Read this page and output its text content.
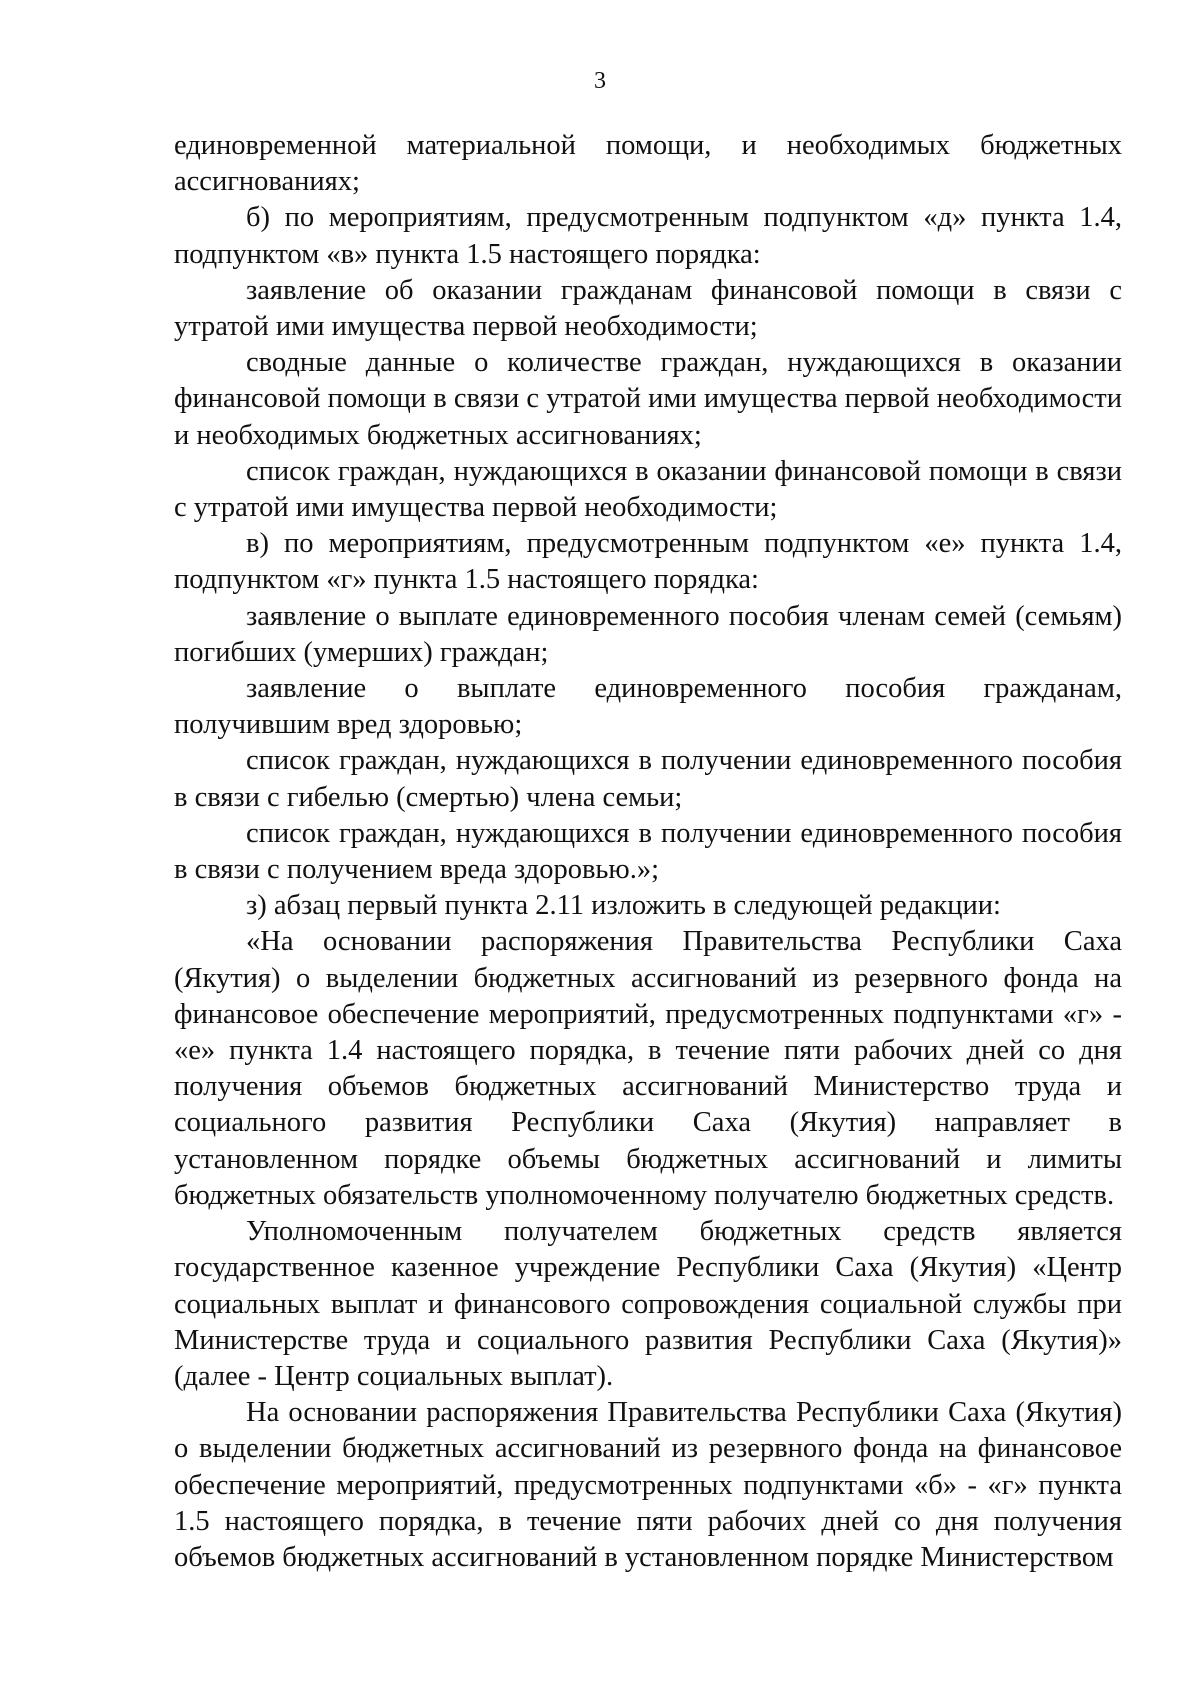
3

единовременной материальной помощи, и необходимых бюджетных ассигнованиях;

б) по мероприятиям, предусмотренным подпунктом «д» пункта 1.4, подпунктом «в» пункта 1.5 настоящего порядка:

заявление об оказании гражданам финансовой помощи в связи с утратой ими имущества первой необходимости;

сводные данные о количестве граждан, нуждающихся в оказании финансовой помощи в связи с утратой ими имущества первой необходимости и необходимых бюджетных ассигнованиях;

список граждан, нуждающихся в оказании финансовой помощи в связи с утратой ими имущества первой необходимости;

в) по мероприятиям, предусмотренным подпунктом «е» пункта 1.4, подпунктом «г» пункта 1.5 настоящего порядка:

заявление о выплате единовременного пособия членам семей (семьям) погибших (умерших) граждан;

заявление о выплате единовременного пособия гражданам, получившим вред здоровью;

список граждан, нуждающихся в получении единовременного пособия в связи с гибелью (смертью) члена семьи;

список граждан, нуждающихся в получении единовременного пособия в связи с получением вреда здоровью.»;

з) абзац первый пункта 2.11 изложить в следующей редакции:

«На основании распоряжения Правительства Республики Саха (Якутия) о выделении бюджетных ассигнований из резервного фонда на финансовое обеспечение мероприятий, предусмотренных подпунктами «г» - «е» пункта 1.4 настоящего порядка, в течение пяти рабочих дней со дня получения объемов бюджетных ассигнований Министерство труда и социального развития Республики Саха (Якутия) направляет в установленном порядке объемы бюджетных ассигнований и лимиты бюджетных обязательств уполномоченному получателю бюджетных средств.

Уполномоченным получателем бюджетных средств является государственное казенное учреждение Республики Саха (Якутия) «Центр социальных выплат и финансового сопровождения социальной службы при Министерстве труда и социального развития Республики Саха (Якутия)» (далее - Центр социальных выплат).

На основании распоряжения Правительства Республики Саха (Якутия) о выделении бюджетных ассигнований из резервного фонда на финансовое обеспечение мероприятий, предусмотренных подпунктами «б» - «г» пункта 1.5 настоящего порядка, в течение пяти рабочих дней со дня получения объемов бюджетных ассигнований в установленном порядке Министерством
